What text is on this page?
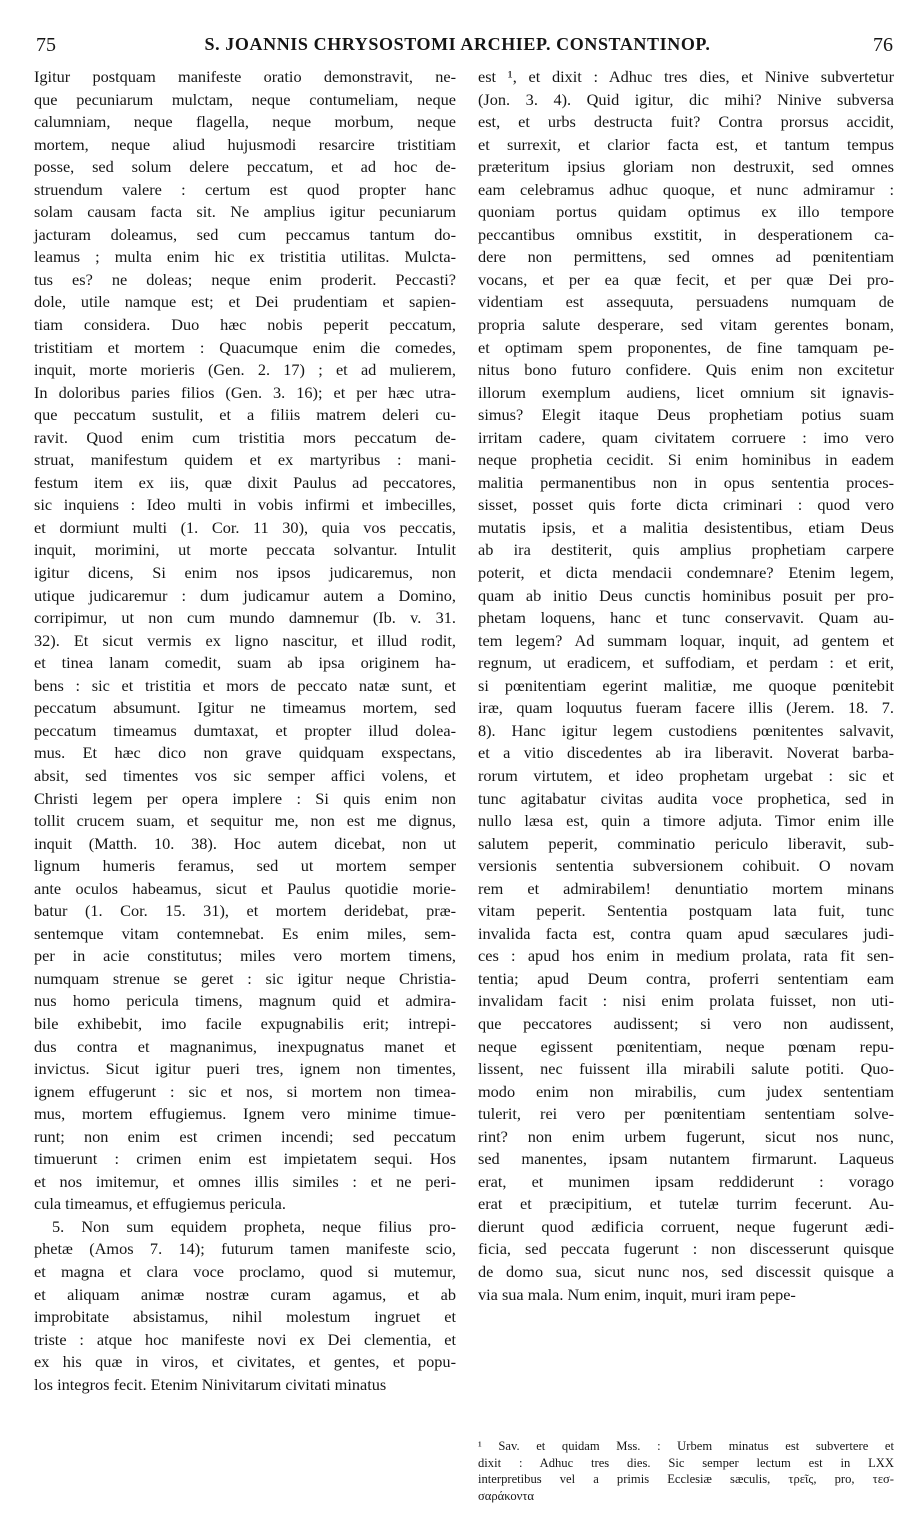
75	S. JOANNIS CHRYSOSTOMI ARCHIEP. CONSTANTINOP.	76
Igitur postquam manifeste oratio demonstravit, ne-
que pecuniarum mulctam, neque contumeliam, neque
calumniam, neque flagella, neque morbum, neque
mortem, neque aliud hujusmodi resarcire tristitiam
posse, sed solum delere peccatum, et ad hoc de-
struendum valere : certum est quod propter hanc
solam causam facta sit. Ne amplius igitur pecuniarum
jacturam doleamus, sed cum peccamus tantum do-
leamus ; multa enim hic ex tristitia utilitas. Mulcta-
tus es? ne doleas; neque enim proderit. Peccasti?
dole, utile namque est; et Dei prudentiam et sapien-
tiam considera. Duo hæc nobis peperit peccatum,
tristitiam et mortem : Quacumque enim die comedes,
inquit, morte morieris (Gen. 2. 17) ; et ad mulierem,
In doloribus paries filios (Gen. 3. 16); et per hæc utra-
que peccatum sustulit, et a filiis matrem deleri cu-
ravit. Quod enim cum tristitia mors peccatum de-
struat, manifestum quidem et ex martyribus : mani-
festum item ex iis, quæ dixit Paulus ad peccatores,
sic inquiens : Ideo multi in vobis infirmi et imbecilles,
et dormiunt multi (1. Cor. 11 30), quia vos peccatis,
inquit, morimini, ut morte peccata solvantur. Intulit
igitur dicens, Si enim nos ipsos judicaremus, non
utique judicaremur : dum judicamur autem a Domino,
corripimur, ut non cum mundo damnemur (Ib. v. 31.
32). Et sicut vermis ex ligno nascitur, et illud rodit,
et tinea lanam comedit, suam ab ipsa originem ha-
bens : sic et tristitia et mors de peccato natæ sunt, et
peccatum absumunt. Igitur ne timeamus mortem, sed
peccatum timeamus dumtaxat, et propter illud dolea-
mus. Et hæc dico non grave quidquam exspectans,
absit, sed timentes vos sic semper affici volens, et
Christi legem per opera implere : Si quis enim non
tollit crucem suam, et sequitur me, non est me dignus,
inquit (Matth. 10. 38). Hoc autem dicebat, non ut
lignum humeris feramus, sed ut mortem semper
ante oculos habeamus, sicut et Paulus quotidie morie-
batur (1. Cor. 15. 31), et mortem deridebat, præ-
sentemque vitam contemnebat. Es enim miles, sem-
per in acie constitutus; miles vero mortem timens,
numquam strenue se geret : sic igitur neque Christia-
nus homo pericula timens, magnum quid et admira-
bile exhibebit, imo facile expugnabilis erit; intrepi-
dus contra et magnanimus, inexpugnatus manet et
invictus. Sicut igitur pueri tres, ignem non timentes,
ignem effugerunt : sic et nos, si mortem non timea-
mus, mortem effugiemus. Ignem vero minime timue-
runt; non enim est crimen incendi; sed peccatum
timuerunt : crimen enim est impietatem sequi. Hos
et nos imitemur, et omnes illis similes : et ne peri-
cula timeamus, et effugiemus pericula.
5. Non sum equidem propheta, neque filius pro-
phetæ (Amos 7. 14); futurum tamen manifeste scio,
et magna et clara voce proclamo, quod si mutemur,
et aliquam animæ nostræ curam agamus, et ab
improbitate absistamus, nihil molestum ingruet et
triste : atque hoc manifeste novi ex Dei clementia, et
ex his quæ in viros, et civitates, et gentes, et popu-
los integros fecit. Etenim Ninivitarum civitati minatus
est ¹, et dixit : Adhuc tres dies, et Ninive subvertetur
(Jon. 3. 4). Quid igitur, dic mihi? Ninive subversa
est, et urbs destructa fuit? Contra prorsus accidit,
et surrexit, et clarior facta est, et tantum tempus
præteritum ipsius gloriam non destruxit, sed omnes
eam celebramus adhuc quoque, et nunc admiramur :
quoniam portus quidam optimus ex illo tempore
peccantibus omnibus exstitit, in desperationem ca-
dere non permittens, sed omnes ad pœnitentiam
vocans, et per ea quæ fecit, et per quæ Dei pro-
videntiam est assequuta, persuadens numquam de
propria salute desperare, sed vitam gerentes bonam,
et optimam spem proponentes, de fine tamquam pe-
nitus bono futuro confidere. Quis enim non excitetur
illorum exemplum audiens, licet omnium sit ignavis-
simus? Elegit itaque Deus prophetiam potius suam
irritam cadere, quam civitatem corruere : imo vero
neque prophetia cecidit. Si enim hominibus in eadem
malitia permanentibus non in opus sententia proces-
sisset, posset quis forte dicta criminari : quod vero
mutatis ipsis, et a malitia desistentibus, etiam Deus
ab ira destiterit, quis amplius prophetiam carpere
poterit, et dicta mendacii condemnare? Etenim legem,
quam ab initio Deus cunctis hominibus posuit per pro-
phetam loquens, hanc et tunc conservavit. Quam au-
tem legem? Ad summam loquar, inquit, ad gentem et
regnum, ut eradicem, et suffodiam, et perdam : et erit,
si pœnitentiam egerint malitiæ, me quoque pœnitebit
iræ, quam loquutus fueram facere illis (Jerem. 18. 7.
8). Hanc igitur legem custodiens pœnitentes salvavit,
et a vitio discedentes ab ira liberavit. Noverat barba-
rorum virtutem, et ideo prophetam urgebat : sic et
tunc agitabatur civitas audita voce prophetica, sed in
nullo læsa est, quin a timore adjuta. Timor enim ille
salutem peperit, comminatio periculo liberavit, sub-
versionis sententia subversionem cohibuit. O novam
rem et admirabilem! denuntiatio mortem minans
vitam peperit. Sententia postquam lata fuit, tunc
invalida facta est, contra quam apud sæculares judi-
ces : apud hos enim in medium prolata, rata fit sen-
tentia; apud Deum contra, proferri sententiam eam
invalidam facit : nisi enim prolata fuisset, non uti-
que peccatores audissent; si vero non audissent,
neque egissent pœnitentiam, neque pœnam repu-
lissent, nec fuissent illa mirabili salute potiti. Quo-
modo enim non mirabilis, cum judex sententiam
tulerit, rei vero per pœnitentiam sententiam solve-
rint? non enim urbem fugerunt, sicut nos nunc,
sed manentes, ipsam nutantem firmarunt. Laqueus
erat, et munimen ipsam reddiderunt : vorago
erat et præcipitium, et tutelæ turrim fecerunt. Au-
dierunt quod ædificia corruent, neque fugerunt ædi-
ficia, sed peccata fugerunt : non discesserunt quisque
de domo sua, sicut nunc nos, sed discessit quisque a
via sua mala. Num enim, inquit, muri iram pepe-
¹ Sav. et quidam Mss. : Urbem minatus est subvertere et
dixit : Adhuc tres dies. Sic semper lectum est in LXX
interpretibus vel a primis Ecclesiæ sæculis, τρεῖς, pro, τεσ-
σαράκοντα
